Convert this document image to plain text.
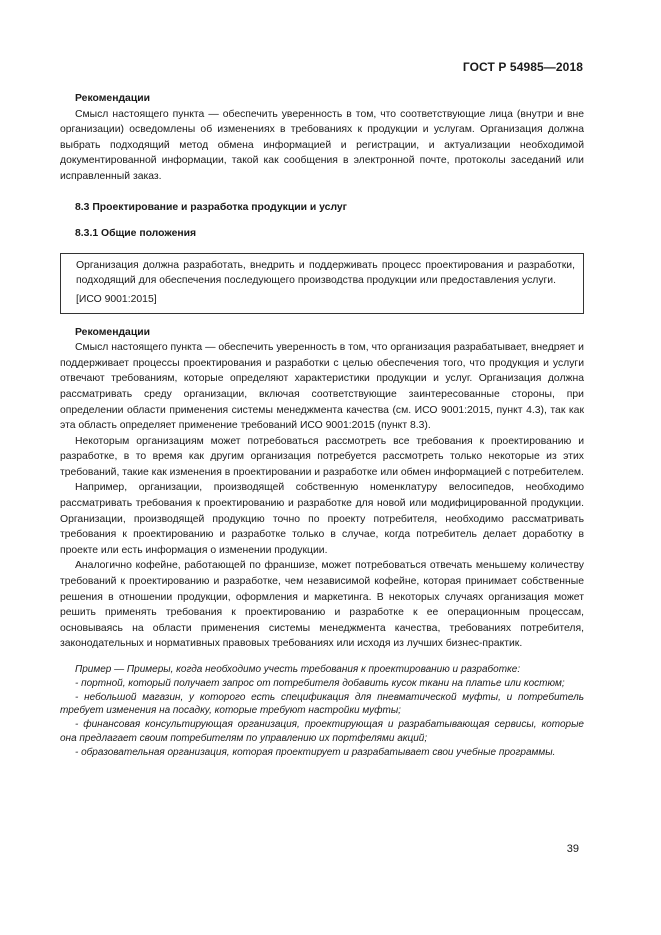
ГОСТ Р 54985—2018

Рекомендации

Смысл настоящего пункта — обеспечить уверенность в том, что соответствующие лица (внутри и вне организации) осведомлены об изменениях в требованиях к продукции и услугам. Организация должна выбрать подходящий метод обмена информацией и регистрации, и актуализации необходимой документированной информации, такой как сообщения в электронной почте, протоколы заседаний или исправленный заказ.

8.3 Проектирование и разработка продукции и услуг

8.3.1 Общие положения

Организация должна разработать, внедрить и поддерживать процесс проектирования и разработки, подходящий для обеспечения последующего производства продукции или предоставления услуги.

[ИСО 9001:2015]

Рекомендации

Смысл настоящего пункта — обеспечить уверенность в том, что организация разрабатывает, внедряет и поддерживает процессы проектирования и разработки с целью обеспечения того, что продукция и услуги отвечают требованиям, которые определяют характеристики продукции и услуг. Организация должна рассматривать среду организации, включая соответствующие заинтересованные стороны, при определении области применения системы менеджмента качества (см. ИСО 9001:2015, пункт 4.3), так как эта область определяет применение требований ИСО 9001:2015 (пункт 8.3).

Некоторым организациям может потребоваться рассмотреть все требования к проектированию и разработке, в то время как другим организация потребуется рассмотреть только некоторые из этих требований, такие как изменения в проектировании и разработке или обмен информацией с потребителем.

Например, организации, производящей собственную номенклатуру велосипедов, необходимо рассматривать требования к проектированию и разработке для новой или модифицированной продукции. Организации, производящей продукцию точно по проекту потребителя, необходимо рассматривать требования к проектированию и разработке только в случае, когда потребитель делает доработку в проекте или есть информация о изменении продукции.

Аналогично кофейне, работающей по франшизе, может потребоваться отвечать меньшему количеству требований к проектированию и разработке, чем независимой кофейне, которая принимает собственные решения в отношении продукции, оформления и маркетинга. В некоторых случаях организация может решить применять требования к проектированию и разработке к ее операционным процессам, основываясь на области применения системы менеджмента качества, требованиях потребителя, законодательных и нормативных правовых требованиях или исходя из лучших бизнес-практик.

Пример — Примеры, когда необходимо учесть требования к проектированию и разработке:

- портной, который получает запрос от потребителя добавить кусок ткани на платье или костюм;

- небольшой магазин, у которого есть спецификация для пневматической муфты, и потребитель требует изменения на посадку, которые требуют настройки муфты;

- финансовая консультирующая организация, проектирующая и разрабатывающая сервисы, которые она предлагает своим потребителям по управлению их портфелями акций;

- образовательная организация, которая проектирует и разрабатывает свои учебные программы.

39
